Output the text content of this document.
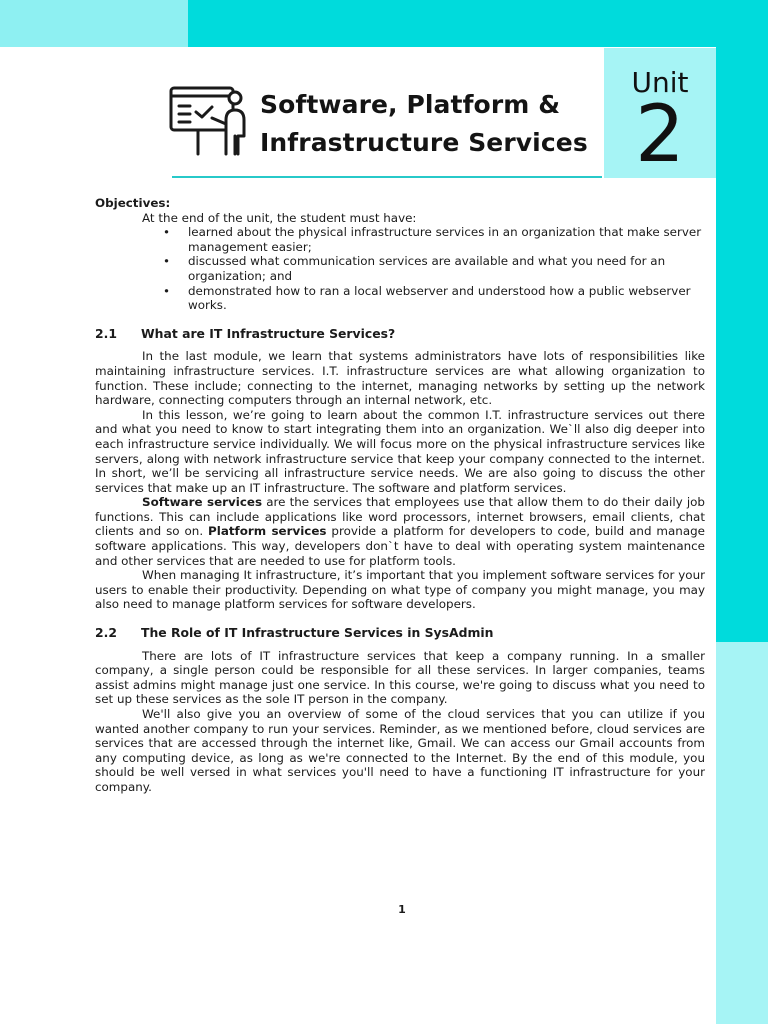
Unit
2
Software, Platform &
Infrastructure Services
Objectives:
At the end of the unit, the student must have:
• learned about the physical infrastructure services in an organization that make server management easier;
• discussed what communication services are available and what you need for an organization; and
• demonstrated how to ran a local webserver and understood how a public webserver works.
2.1	What are IT Infrastructure Services?

In the last module, we learn that systems administrators have lots of responsibilities like maintaining infrastructure services. I.T. infrastructure services are what allowing organization to function. These include; connecting to the internet, managing networks by setting up the network hardware, connecting computers through an internal network, etc.

In this lesson, we’re going to learn about the common I.T. infrastructure services out there and what you need to know to start integrating them into an organization. We`ll also dig deeper into each infrastructure service individually. We will focus more on the physical infrastructure services like servers, along with network infrastructure service that keep your company connected to the internet. In short, we’ll be servicing all infrastructure service needs. We are also going to discuss the other services that make up an IT infrastructure. The software and platform services.

Software services are the services that employees use that allow them to do their daily job functions. This can include applications like word processors, internet browsers, email clients, chat clients and so on. Platform services provide a platform for developers to code, build and manage software applications. This way, developers don`t have to deal with operating system maintenance and other services that are needed to use for platform tools.

When managing It infrastructure, it’s important that you implement software services for your users to enable their productivity. Depending on what type of company you might manage, you may also need to manage platform services for software developers.

2.2	The Role of IT Infrastructure Services in SysAdmin

There are lots of IT infrastructure services that keep a company running. In a smaller company, a single person could be responsible for all these services. In larger companies, teams assist admins might manage just one service. In this course, we're going to discuss what you need to set up these services as the sole IT person in the company.

We'll also give you an overview of some of the cloud services that you can utilize if you wanted another company to run your services. Reminder, as we mentioned before, cloud services are services that are accessed through the internet like, Gmail. We can access our Gmail accounts from any computing device, as long as we're connected to the Internet. By the end of this module, you should be well versed in what services you'll need to have a functioning IT infrastructure for your company.

1
